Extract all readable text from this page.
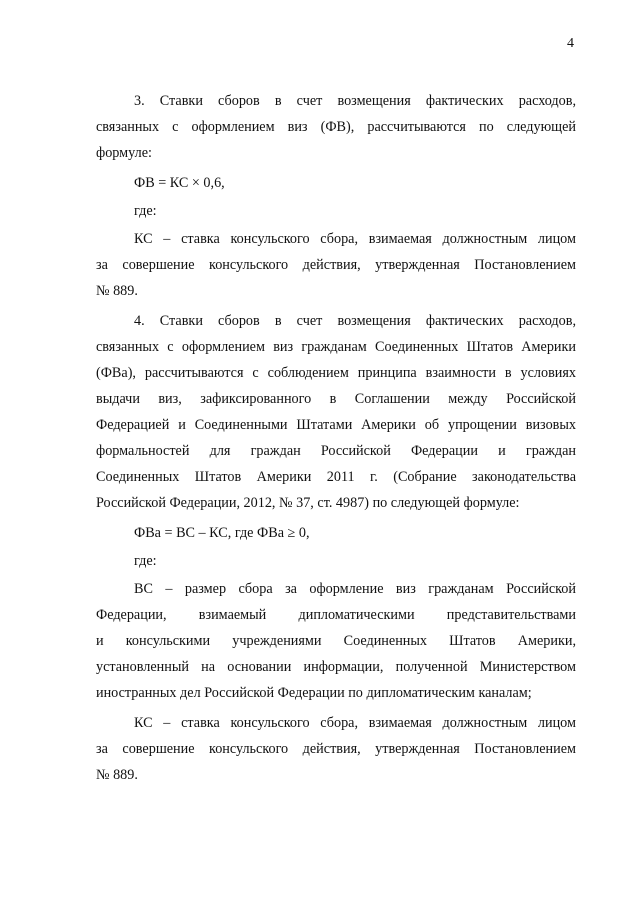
4
3. Ставки сборов в счет возмещения фактических расходов,
связанных с оформлением виз (ФВ), рассчитываются по следующей
формуле:
ФВ = КС × 0,6,
где:
КС – ставка консульского сбора, взимаемая должностным лицом
за совершение консульского действия, утвержденная Постановлением
№ 889.
4. Ставки сборов в счет возмещения фактических расходов,
связанных с оформлением виз гражданам Соединенных Штатов Америки
(ФВа), рассчитываются с соблюдением принципа взаимности в условиях
выдачи виз, зафиксированного в Соглашении между Российской
Федерацией и Соединенными Штатами Америки об упрощении визовых
формальностей для граждан Российской Федерации и граждан
Соединенных Штатов Америки 2011 г. (Собрание законодательства
Российской Федерации, 2012, № 37, ст. 4987) по следующей формуле:
ФВа = ВС – КС, где ФВа ≥ 0,
где:
ВС – размер сбора за оформление виз гражданам Российской
Федерации, взимаемый дипломатическими представительствами
и консульскими учреждениями Соединенных Штатов Америки,
установленный на основании информации, полученной Министерством
иностранных дел Российской Федерации по дипломатическим каналам;
КС – ставка консульского сбора, взимаемая должностным лицом
за совершение консульского действия, утвержденная Постановлением
№ 889.
